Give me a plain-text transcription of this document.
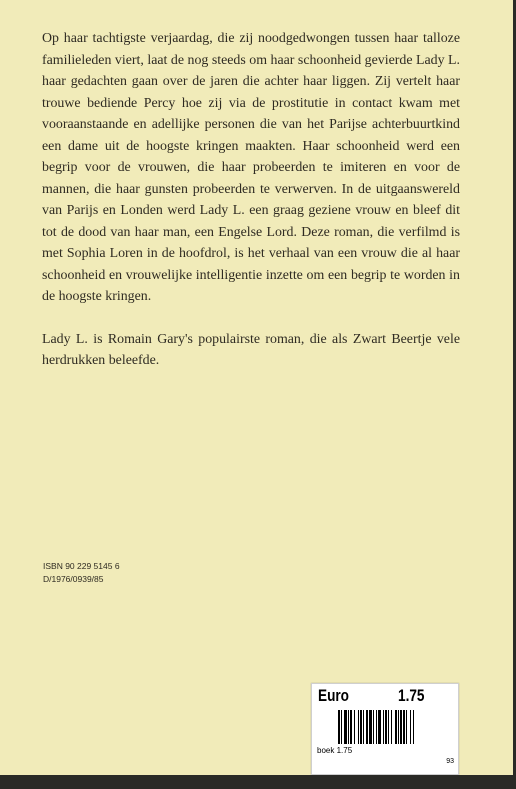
Op haar tachtigste verjaardag, die zij noodgedwongen tussen haar talloze familieleden viert, laat de nog steeds om haar schoonheid gevierde Lady L. haar gedachten gaan over de jaren die achter haar liggen. Zij vertelt haar trouwe bediende Percy hoe zij via de prostitutie in contact kwam met vooraanstaande en adellijke personen die van het Parijse achterbuurtkind een dame uit de hoogste kringen maakten. Haar schoonheid werd een begrip voor de vrouwen, die haar probeerden te imiteren en voor de mannen, die haar gunsten probeerden te verwerven. In de uitgaanswereld van Parijs en Londen werd Lady L. een graag geziene vrouw en bleef dit tot de dood van haar man, een Engelse Lord. Deze roman, die verfilmd is met Sophia Loren in de hoofdrol, is het verhaal van een vrouw die al haar schoonheid en vrouwelijke intelligentie inzette om een begrip te worden in de hoogste kringen.

Lady L. is Romain Gary's populairste roman, die als Zwart Beertje vele herdrukken beleefde.

ISBN 90 229 5145 6
D/1976/0939/85
Euro	1.75
boek 1.75
93
